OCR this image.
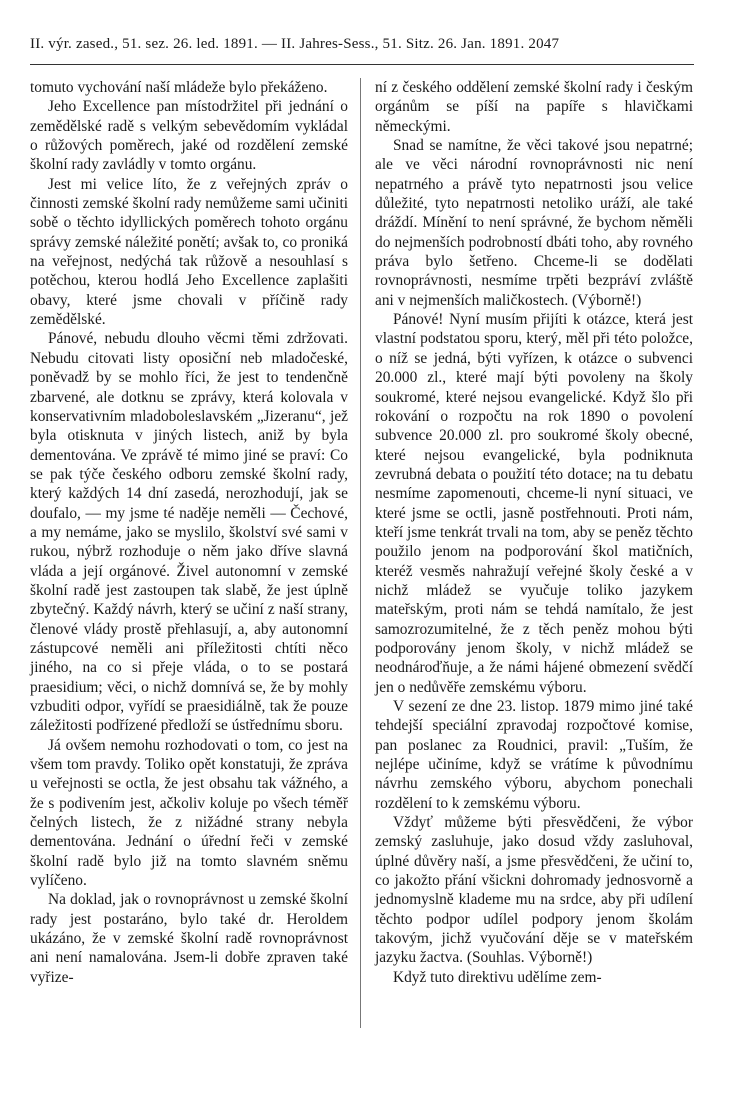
II. výr. zased., 51. sez. 26. led. 1891. — II. Jahres-Sess., 51. Sitz. 26. Jan. 1891. 2047

tomuto vychování naší mládeže bylo překáženo.

Jeho Excellence pan místodržitel při jednání o zemědělské radě s velkým sebevědomím vykládal o růžových poměrech, jaké od rozdělení zemské školní rady zavládly v tomto orgánu.

Jest mi velice líto, že z veřejných zpráv o činnosti zemské školní rady nemůžeme sami učiniti sobě o těchto idyllických poměrech tohoto orgánu správy zemské náležité ponětí; avšak to, co proniká na veřejnost, nedýchá tak růžově a nesouhlasí s potěchou, kterou hodlá Jeho Excellence zaplašiti obavy, které jsme chovali v příčině rady zemědělské.

Pánové, nebudu dlouho věcmi těmi zdržovati. Nebudu citovati listy oposiční neb mladočeské, poněvadž by se mohlo říci, že jest to tendenčně zbarvené, ale dotknu se zprávy, která kolovala v konservativním mladoboleslavském „Jizeranu“, jež byla otisknuta v jiných listech, aniž by byla dementována. Ve zprávě té mimo jiné se praví: Co se pak týče českého odboru zemské školní rady, který každých 14 dní zasedá, nerozhodují, jak se doufalo, — my jsme té naděje neměli — Čechové, a my nemáme, jako se myslilo, školství své sami v rukou, nýbrž rozhoduje o něm jako dříve slavná vláda a její orgánové. Živel autonomní v zemské školní radě jest zastoupen tak slabě, že jest úplně zbytečný. Každý návrh, který se učiní z naší strany, členové vlády prostě přehlasují, a, aby autonomní zástupcové neměli ani příležitosti chtíti něco jiného, na co si přeje vláda, o to se postará praesidium; věci, o nichž domnívá se, že by mohly vzbuditi odpor, vyřídí se praesidiálně, tak že pouze záležitosti podřízené předloží se ústřednímu sboru.

Já ovšem nemohu rozhodovati o tom, co jest na všem tom pravdy. Toliko opět konstatuji, že zpráva u veřejnosti se octla, že jest obsahu tak vážného, a že s podivením jest, ačkoliv koluje po všech téměř čelných listech, že z nižádné strany nebyla dementována. Jednání o úřední řeči v zemské školní radě bylo již na tomto slavném sněmu vylíčeno.

Na doklad, jak o rovnoprávnost u zemské školní rady jest postaráno, bylo také dr. Heroldem ukázáno, že v zemské školní radě rovnoprávnost ani není namalována. Jsem-li dobře zpraven také vyřize-

ní z českého oddělení zemské školní rady i českým orgánům se píší na papíře s hlavičkami německými.

Snad se namítne, že věci takové jsou nepatrné; ale ve věci národní rovnoprávnosti nic není nepatrného a právě tyto nepatrnosti jsou velice důležité, tyto nepatrnosti netoliko uráží, ale také dráždí. Mínění to není správné, že bychom něměli do nejmenších podrobností dbáti toho, aby rovného práva bylo šetřeno. Chceme-li se dodělati rovnoprávnosti, nesmíme trpěti bezpráví zvláště ani v nejmenších maličkostech. (Výborně!)

Pánové! Nyní musím přijíti k otázce, která jest vlastní podstatou sporu, který, měl při této položce, o níž se jedná, býti vyřízen, k otázce o subvenci 20.000 zl., které mají býti povoleny na školy soukromé, které nejsou evangelické. Když šlo při rokování o rozpočtu na rok 1890 o povolení subvence 20.000 zl. pro soukromé školy obecné, které nejsou evangelické, byla podniknuta zevrubná debata o použití této dotace; na tu debatu nesmíme zapomenouti, chceme-li nyní situaci, ve které jsme se octli, jasně postřehnouti. Proti nám, kteří jsme tenkrát trvali na tom, aby se peněz těchto použilo jenom na podporování škol matičních, kteréž vesměs nahražují veřejné školy české a v nichž mládež se vyučuje toliko jazykem mateřským, proti nám se tehdá namítalo, že jest samozrozumitelné, že z těch peněz mohou býti podporovány jenom školy, v nichž mládež se neodnároďňuje, a že námi hájené obmezení svědčí jen o nedůvěře zemskému výboru.

V sezení ze dne 23. listop. 1879 mimo jiné také tehdejší speciální zpravodaj rozpočtové komise, pan poslanec za Roudnici, pravil: „Tuším, že nejlépe učiníme, když se vrátíme k původnímu návrhu zemského výboru, abychom ponechali rozdělení to k zemskému výboru.

Vždyť můžeme býti přesvědčeni, že výbor zemský zasluhuje, jako dosud vždy zasluhoval, úplné důvěry naší, a jsme přesvědčeni, že učiní to, co jakožto přání všickni dohromady jednosvorně a jednomyslně klademe mu na srdce, aby při udílení těchto podpor udílel podpory jenom školám takovým, jichž vyučování děje se v mateřském jazyku žactva. (Souhlas. Výborně!)

Když tuto direktivu udělíme zem-
